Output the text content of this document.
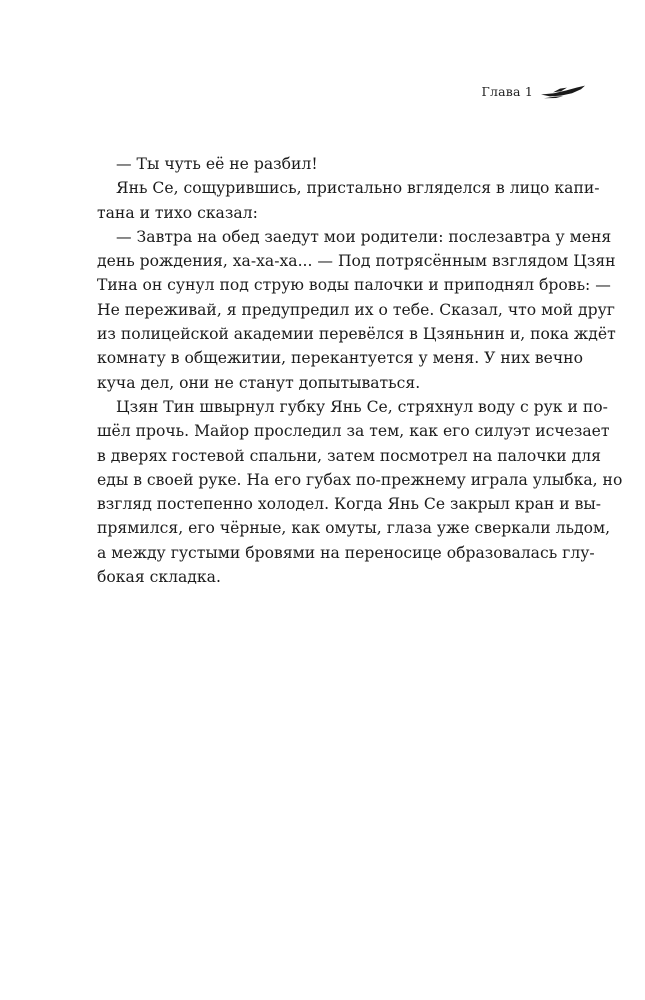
Глава 1
— Ты чуть её не разбил!
Янь Се, сощурившись, пристально вгляделся в лицо капи-
тана и тихо сказал:
— Завтра на обед заедут мои родители: послезавтра у меня
день рождения, ха-ха-ха... — Под потрясённым взглядом Цзян
Тина он сунул под струю воды палочки и приподнял бровь: —
Не переживай, я предупредил их о тебе. Сказал, что мой друг
из полицейской академии перевёлся в Цзяньнин и, пока ждёт
комнату в общежитии, перекантуется у меня. У них вечно
куча дел, они не станут допытываться.
Цзян Тин швырнул губку Янь Се, стряхнул воду с рук и по-
шёл прочь. Майор проследил за тем, как его силуэт исчезает
в дверях гостевой спальни, затем посмотрел на палочки для
еды в своей руке. На его губах по-прежнему играла улыбка, но
взгляд постепенно холодел. Когда Янь Се закрыл кран и вы-
прямился, его чёрные, как омуты, глаза уже сверкали льдом,
а между густыми бровями на переносице образовалась глу-
бокая складка.
